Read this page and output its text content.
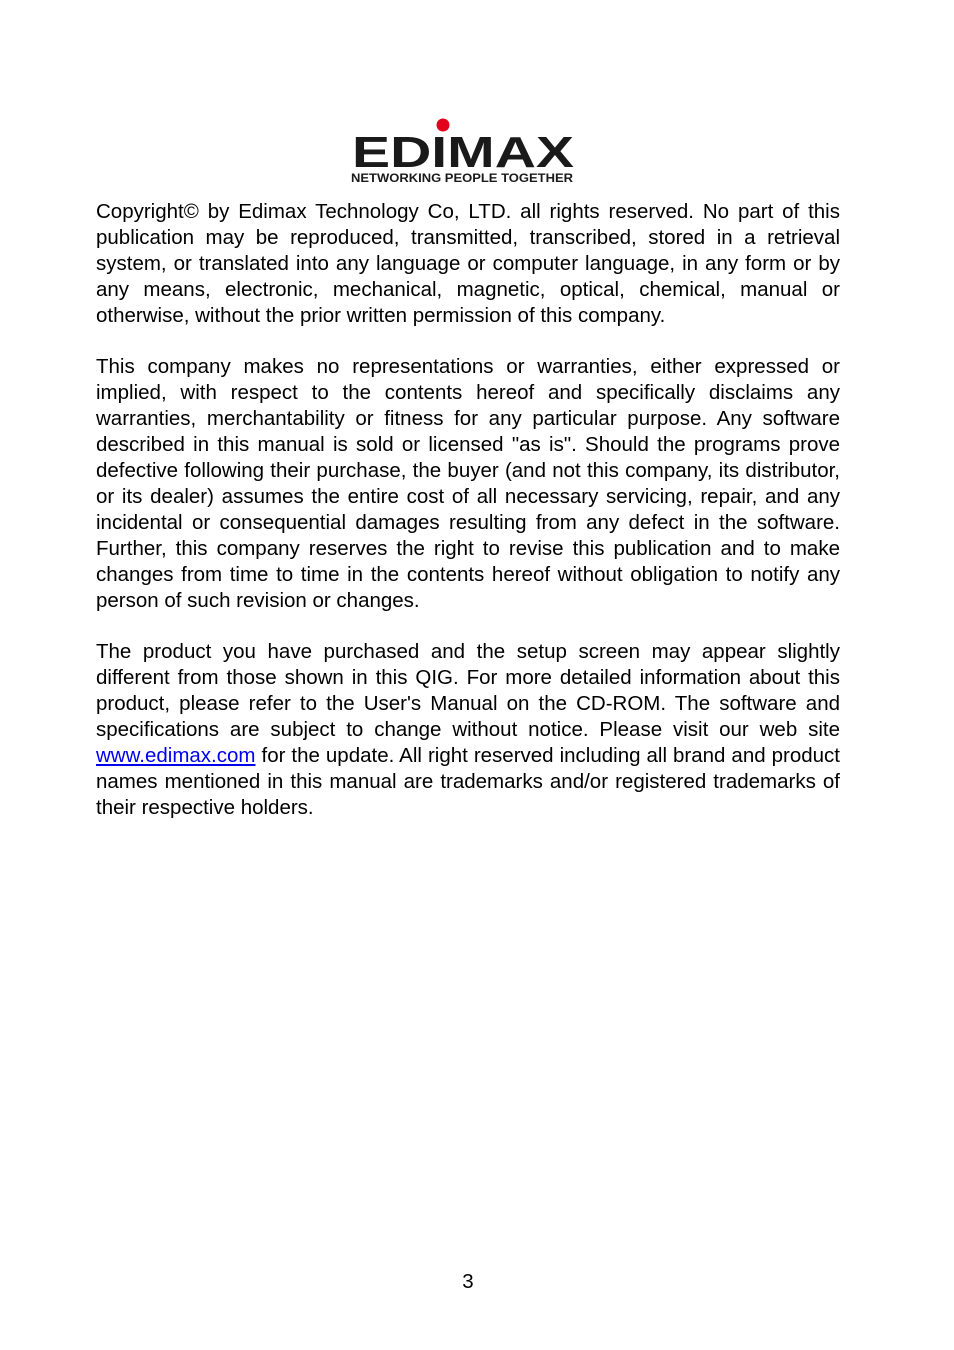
EDIMAX
NETWORKING PEOPLE TOGETHER

Copyright© by Edimax Technology Co, LTD. all rights reserved. No part of this publication may be reproduced, transmitted, transcribed, stored in a retrieval system, or translated into any language or computer language, in any form or by any means, electronic, mechanical, magnetic, optical, chemical, manual or otherwise, without the prior written permission of this company.

This company makes no representations or warranties, either expressed or implied, with respect to the contents hereof and specifically disclaims any warranties, merchantability or fitness for any particular purpose. Any software described in this manual is sold or licensed "as is". Should the programs prove defective following their purchase, the buyer (and not this company, its distributor, or its dealer) assumes the entire cost of all necessary servicing, repair, and any incidental or consequential damages resulting from any defect in the software. Further, this company reserves the right to revise this publication and to make changes from time to time in the contents hereof without obligation to notify any person of such revision or changes.

The product you have purchased and the setup screen may appear slightly different from those shown in this QIG. For more detailed information about this product, please refer to the User's Manual on the CD-ROM. The software and specifications are subject to change without notice. Please visit our web site www.edimax.com for the update. All right reserved including all brand and product names mentioned in this manual are trademarks and/or registered trademarks of their respective holders.

3
